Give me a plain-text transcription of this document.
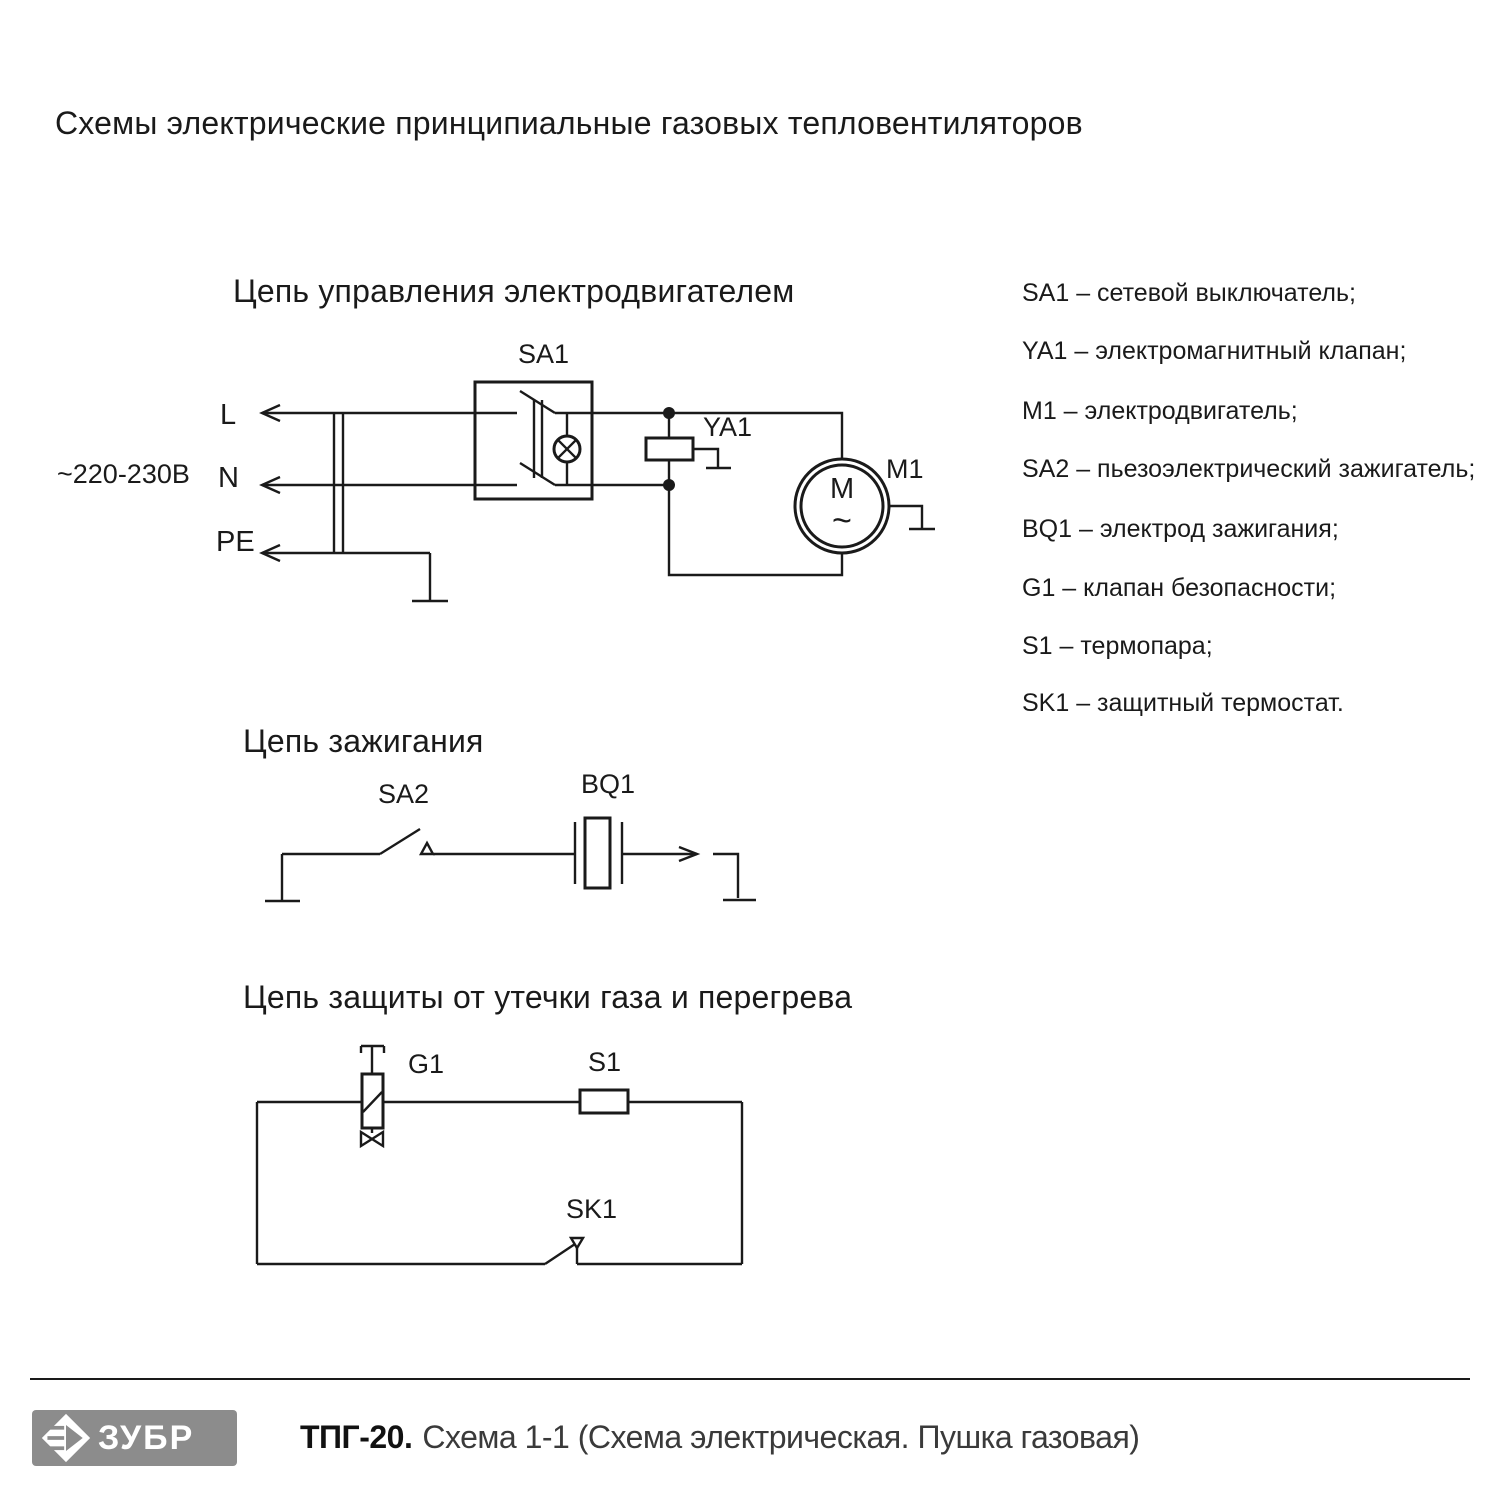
Схемы электрические принципиальные газовых тепловентиляторов
Цепь управления электродвигателем
SA1
~220-230В
L
N
PE
YA1
M1
M
~
Цепь зажигания
SA2	BQ1
Цепь защиты от утечки газа и перегрева
G1	S1
SK1
SA1 – сетевой выключатель;
YA1 – электромагнитный клапан;
M1 – электродвигатель;
SA2 – пьезоэлектрический зажигатель;
BQ1 – электрод зажигания;
G1 – клапан безопасности;
S1 – термопара;
SK1 – защитный термостат.
ЗУБР	ТПГ-20. Схема 1-1 (Схема электрическая. Пушка газовая)
